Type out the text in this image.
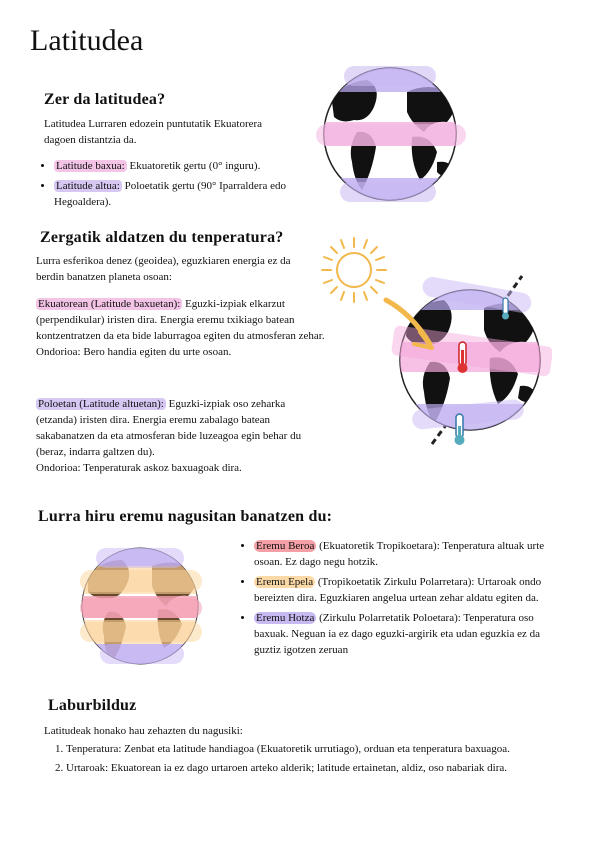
Latitudea
Zer da latitudea?
Latitudea Lurraren edozein puntutatik Ekuatorera dagoen distantzia da.
• Latitude baxua: Ekuatoretik gertu (0° inguru).
• Latitude altua: Poloetatik gertu (90° Iparraldera edo Hegoaldera).
Zergatik aldatzen du tenperatura?
Lurra esferikoa denez (geoidea), eguzkiaren energia ez da berdin banatzen planeta osoan:
Ekuatorean (Latitude baxuetan): Eguzki-izpiak elkarzut (perpendikular) iristen dira. Energia eremu txikiago batean kontzentratzen da eta bide laburragoa egiten du atmosferan zehar.
Ondorioa: Bero handia egiten du urte osoan.
Poloetan (Latitude altuetan): Eguzki-izpiak oso zeharka (etzanda) iristen dira. Energia eremu zabalago batean sakabanatzen da eta atmosferan bide luzeagoa egin behar du (beraz, indarra galtzen du).
Ondorioa: Tenperaturak askoz baxuagoak dira.
Lurra hiru eremu nagusitan banatzen du:
• Eremu Beroa (Ekuatoretik Tropikoetara): Tenperatura altuak urte osoan. Ez dago negu hotzik.
• Eremu Epela (Tropikoetatik Zirkulu Polarretara): Urtaroak ondo bereizten dira. Eguzkiaren angelua urtean zehar aldatu egiten da.
• Eremu Hotza (Zirkulu Polarretatik Poloetara): Tenperatura oso baxuak. Neguan ia ez dago eguzki-argirik eta udan eguzkia ez da guztiz igotzen zeruan
Laburbilduz
Latitudeak honako hau zehazten du nagusiki:
1. Tenperatura: Zenbat eta latitude handiagoa (Ekuatoretik urrutiago), orduan eta tenperatura baxuagoa.
2. Urtaroak: Ekuatorean ia ez dago urtaroen arteko alderik; latitude ertainetan, aldiz, oso nabariak dira.
